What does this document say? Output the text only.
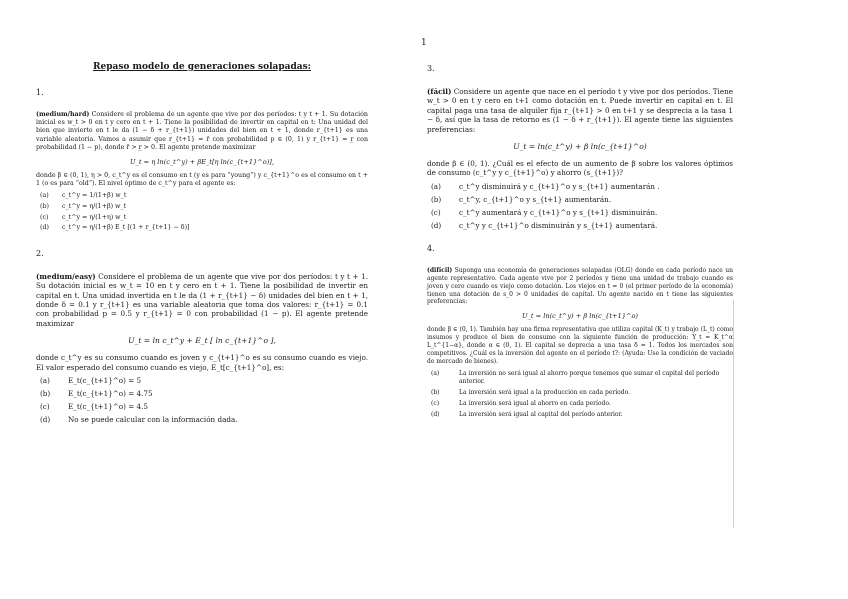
1
Repaso modelo de generaciones solapadas:
1.

(medium/hard) Considere el problema de un agente que vive por dos períodos: t y t + 1. Su dotación inicial es w_t > 0 en t y cero en t + 1. Tiene la posibilidad de invertir en capital en t: Una unidad del bien que invierte en t le da (1 − δ + r_{t+1}) unidades del bien en t + 1, donde r_{t+1} es una variable aleatoria. Vamos a asumir que r_{t+1} = r̄ con probabilidad p ∈ (0, 1) y r_{t+1} = r̲ con probabilidad (1 − p), donde r̄ > r̲ > 0. El agente pretende maximizar

U_t = η ln(c_t^y) + βE_t[η ln(c_{t+1}^o)],

donde β ∈ (0, 1), η > 0, c_t^y es el consumo en t (y es para “young”) y c_{t+1}^o es el consumo en t + 1 (o es para “old”). El nivel óptimo de c_t^y para el agente es:

(a)	c_t^y = 1/(1+β) w_t
(b)	c_t^y = η/(1+β) w_t
(c)	c_t^y = η/(1+η) w_t
(d)	c_t^y = η/(1+β) E_t [(1 + r_{t+1} − δ)]
2.

(medium/easy) Considere el problema de un agente que vive por dos períodos: t y t + 1. Su dotación inicial es w_t = 10 en t y cero en t + 1. Tiene la posibilidad de invertir en capital en t. Una unidad invertida en t le da (1 + r_{t+1} − δ) unidades del bien en t + 1, donde δ = 0.1 y r_{t+1} es una variable aleatoria que toma dos valores: r_{t+1} = 0.1 con probabilidad p = 0.5 y r_{t+1} = 0 con probabilidad (1 − p). El agente pretende maximizar

U_t = ln c_t^y + E_t [ ln c_{t+1}^o ],

donde c_t^y es su consumo cuando es joven y c_{t+1}^o es su consumo cuando es viejo. El valor esperado del consumo cuando es viejo, E_t[c_{t+1}^o], es:

(a)	E_t(c_{t+1}^o) = 5
(b)	E_t(c_{t+1}^o) = 4.75
(c)	E_t(c_{t+1}^o) = 4.5
(d)	No se puede calcular con la información dada.
3.

(fácil) Considere un agente que nace en el período t y vive por dos períodos. Tiene w_t > 0 en t y cero en t+1 como dotación en t. Puede invertir en capital en t. El capital paga una tasa de alquiler fija r_{t+1} > 0 en t+1 y se desprecia a la tasa 1 − δ, así que la tasa de retorno es (1 − δ + r_{t+1}). El agente tiene las siguientes preferencias:

U_t = ln(c_t^y) + β ln(c_{t+1}^o)

donde β ∈ (0, 1). ¿Cuál es el efecto de un aumento de β sobre los valores óptimos de consumo (c_t^y y c_{t+1}^o) y ahorro (s_{t+1})?

(a)	c_t^y disminuirá y c_{t+1}^o y s_{t+1} aumentarán .
(b)	c_t^y, c_{t+1}^o y s_{t+1} aumentarán.
(c)	c_t^y aumentará y c_{t+1}^o y s_{t+1} disminuirán.
(d)	c_t^y y c_{t+1}^o disminuirán y s_{t+1} aumentará.
4.

(difícil) Suponga una economía de generaciones solapadas (OLG) donde en cada período nace un agente representativo. Cada agente vive por 2 períodos y tiene una unidad de trabajo cuando es joven y cero cuando es viejo como dotación. Los viejos en t = 0 (el primer período de la economía) tienen una dotación de s_0 > 0 unidades de capital. Un agente nacido en t tiene las siguientes preferencias:

U_t = ln(c_t^y) + β ln(c_{t+1}^o)

donde β ∈ (0, 1). También hay una firma representativa que utiliza capital (K_t) y trabajo (L_t) como insumos y produce el bien de consumo con la siguiente función de producción: Y_t = K_t^α L_t^{1−α}, donde α ∈ (0, 1). El capital se deprecia a una tasa δ = 1. Todos los mercados son competitivos. ¿Cuál es la inversión del agente en el período t?: (Ayuda: Use la condición de vaciado de mercado de bienes).

(a)	La inversión no será igual al ahorro porque tenemos que sumar el capital del período anterior.
(b)	La inversión será igual a la producción en cada período.
(c)	La inversión será igual al ahorro en cada período.
(d)	La inversión será igual al capital del período anterior.
